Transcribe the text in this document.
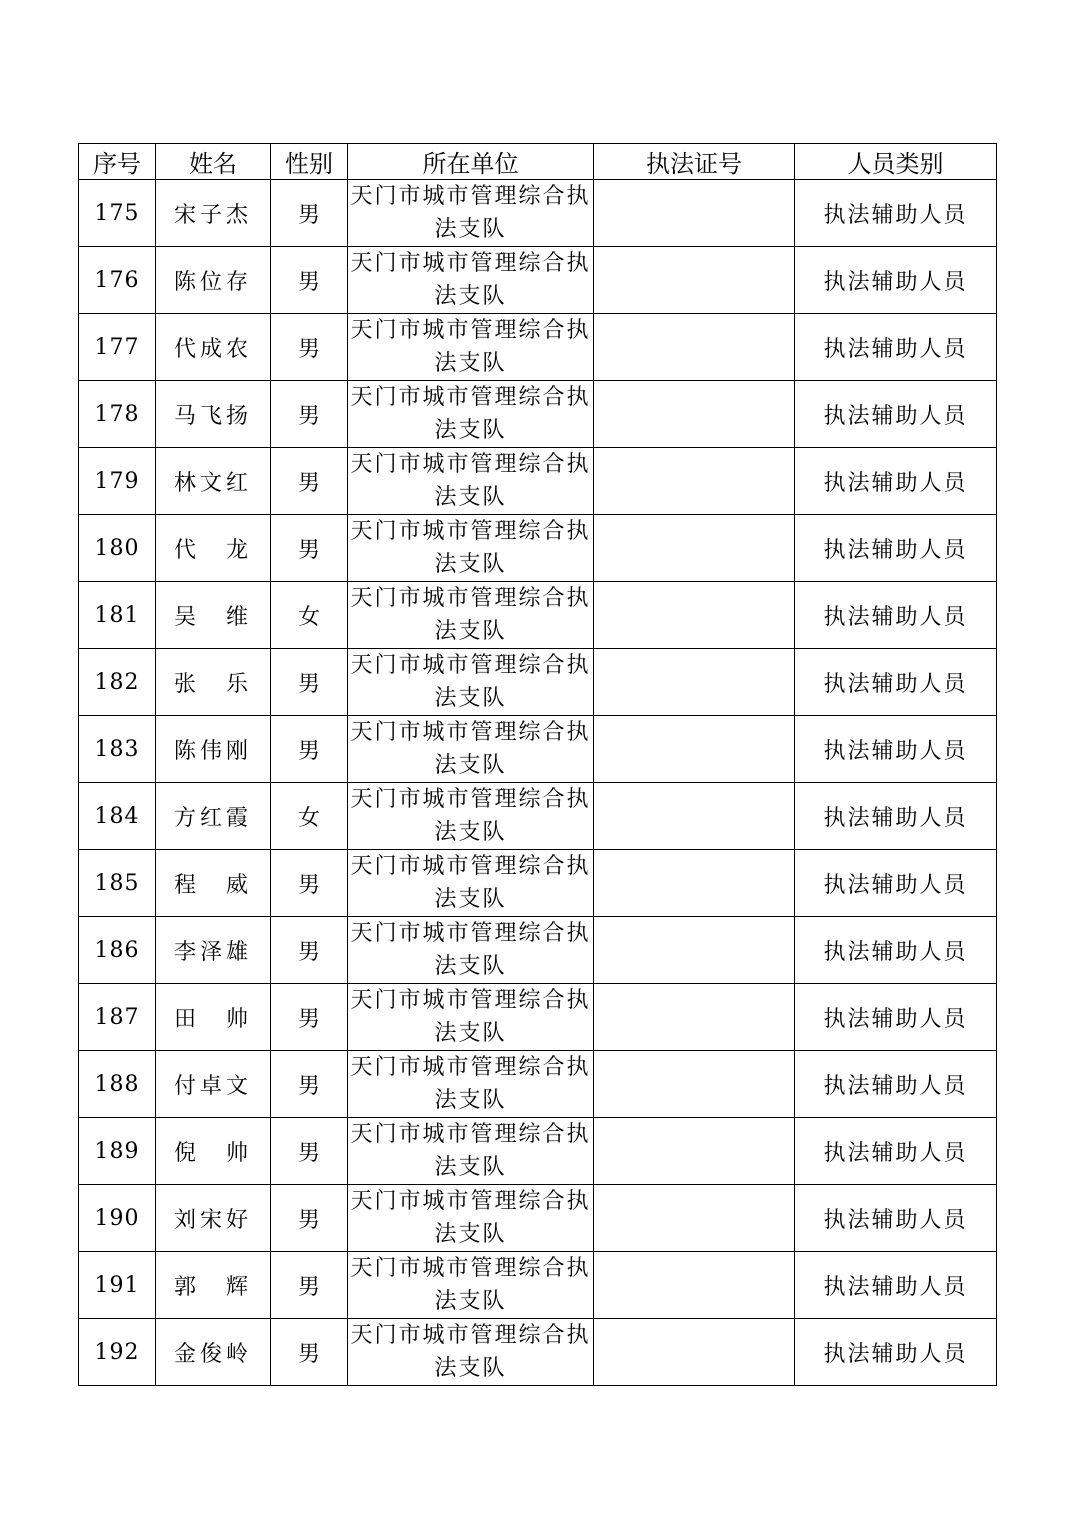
序号	姓名	性别	所在单位	执法证号	人员类别
175	宋子杰	男	天门市城市管理综合执法支队		执法辅助人员
176	陈位存	男	天门市城市管理综合执法支队		执法辅助人员
177	代成农	男	天门市城市管理综合执法支队		执法辅助人员
178	马飞扬	男	天门市城市管理综合执法支队		执法辅助人员
179	林文红	男	天门市城市管理综合执法支队		执法辅助人员
180	代　龙	男	天门市城市管理综合执法支队		执法辅助人员
181	吴　维	女	天门市城市管理综合执法支队		执法辅助人员
182	张　乐	男	天门市城市管理综合执法支队		执法辅助人员
183	陈伟刚	男	天门市城市管理综合执法支队		执法辅助人员
184	方红霞	女	天门市城市管理综合执法支队		执法辅助人员
185	程　威	男	天门市城市管理综合执法支队		执法辅助人员
186	李泽雄	男	天门市城市管理综合执法支队		执法辅助人员
187	田　帅	男	天门市城市管理综合执法支队		执法辅助人员
188	付卓文	男	天门市城市管理综合执法支队		执法辅助人员
189	倪　帅	男	天门市城市管理综合执法支队		执法辅助人员
190	刘宋好	男	天门市城市管理综合执法支队		执法辅助人员
191	郭　辉	男	天门市城市管理综合执法支队		执法辅助人员
192	金俊岭	男	天门市城市管理综合执法支队		执法辅助人员
